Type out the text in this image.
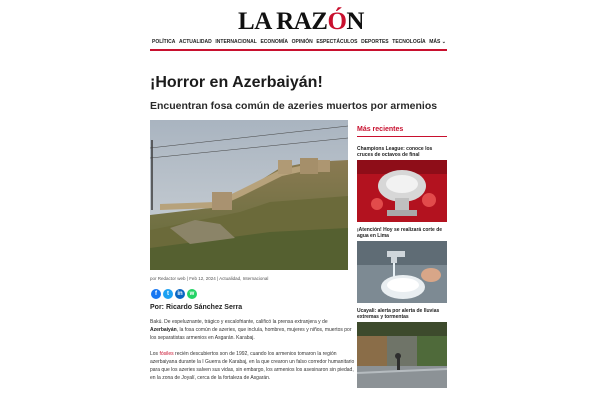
LA RAZÓN
POLÍTICA ACTUALIDAD INTERNACIONAL ECONOMÍA OPINIÓN ESPECTÁCULOS DEPORTES TECNOLOGÍA MÁS ⌄
¡Horror en Azerbaiyán!
Encuentran fosa común de azeries muertos por armenios
por Redactor web | Feb 12, 2024 | Actualidad, Internacional
f	t	in	w
Por: Ricardo Sánchez Serra

Bakú. De espeluznante, trágico y escalofriante, calificó la prensa extranjera y de Azerbaiyán, la fosa común de azeries, que incluía, hombres, mujeres y niños, muertos por los separatistas armenios en Asgarán. Karabaj.

Los fósiles recién descubiertos son de 1992, cuando los armenios tomaron la región azerbaiyana durante la I Guerra de Karabaj, en la que crearon un falso corredor humanitario para que los azeries salven sus vidas, sin embargo, los armenios los asesinaron sin piedad, en la zona de Joyalí, cerca de la fortaleza de Asgarán.

Más recientes
Champions League: conoce los cruces de octavos de final
¡Atención! Hoy se realizará corte de agua en Lima
Ucayali: alerta por alerta de lluvias extremas y tormentas
